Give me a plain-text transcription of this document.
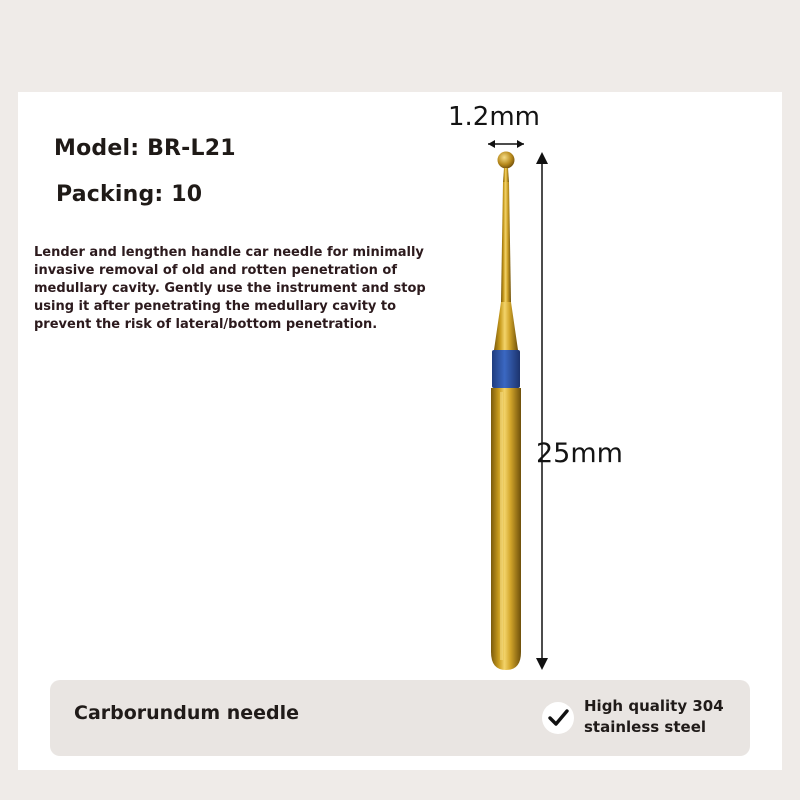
Model: BR-L21
Packing: 10
Lender and lengthen handle car needle for minimally
invasive removal of old and rotten penetration of
medullary cavity. Gently use the instrument and stop
using it after penetrating the medullary cavity to
prevent the risk of lateral/bottom penetration.
1.2mm
25mm
Carborundum needle	High quality 304
stainless steel
